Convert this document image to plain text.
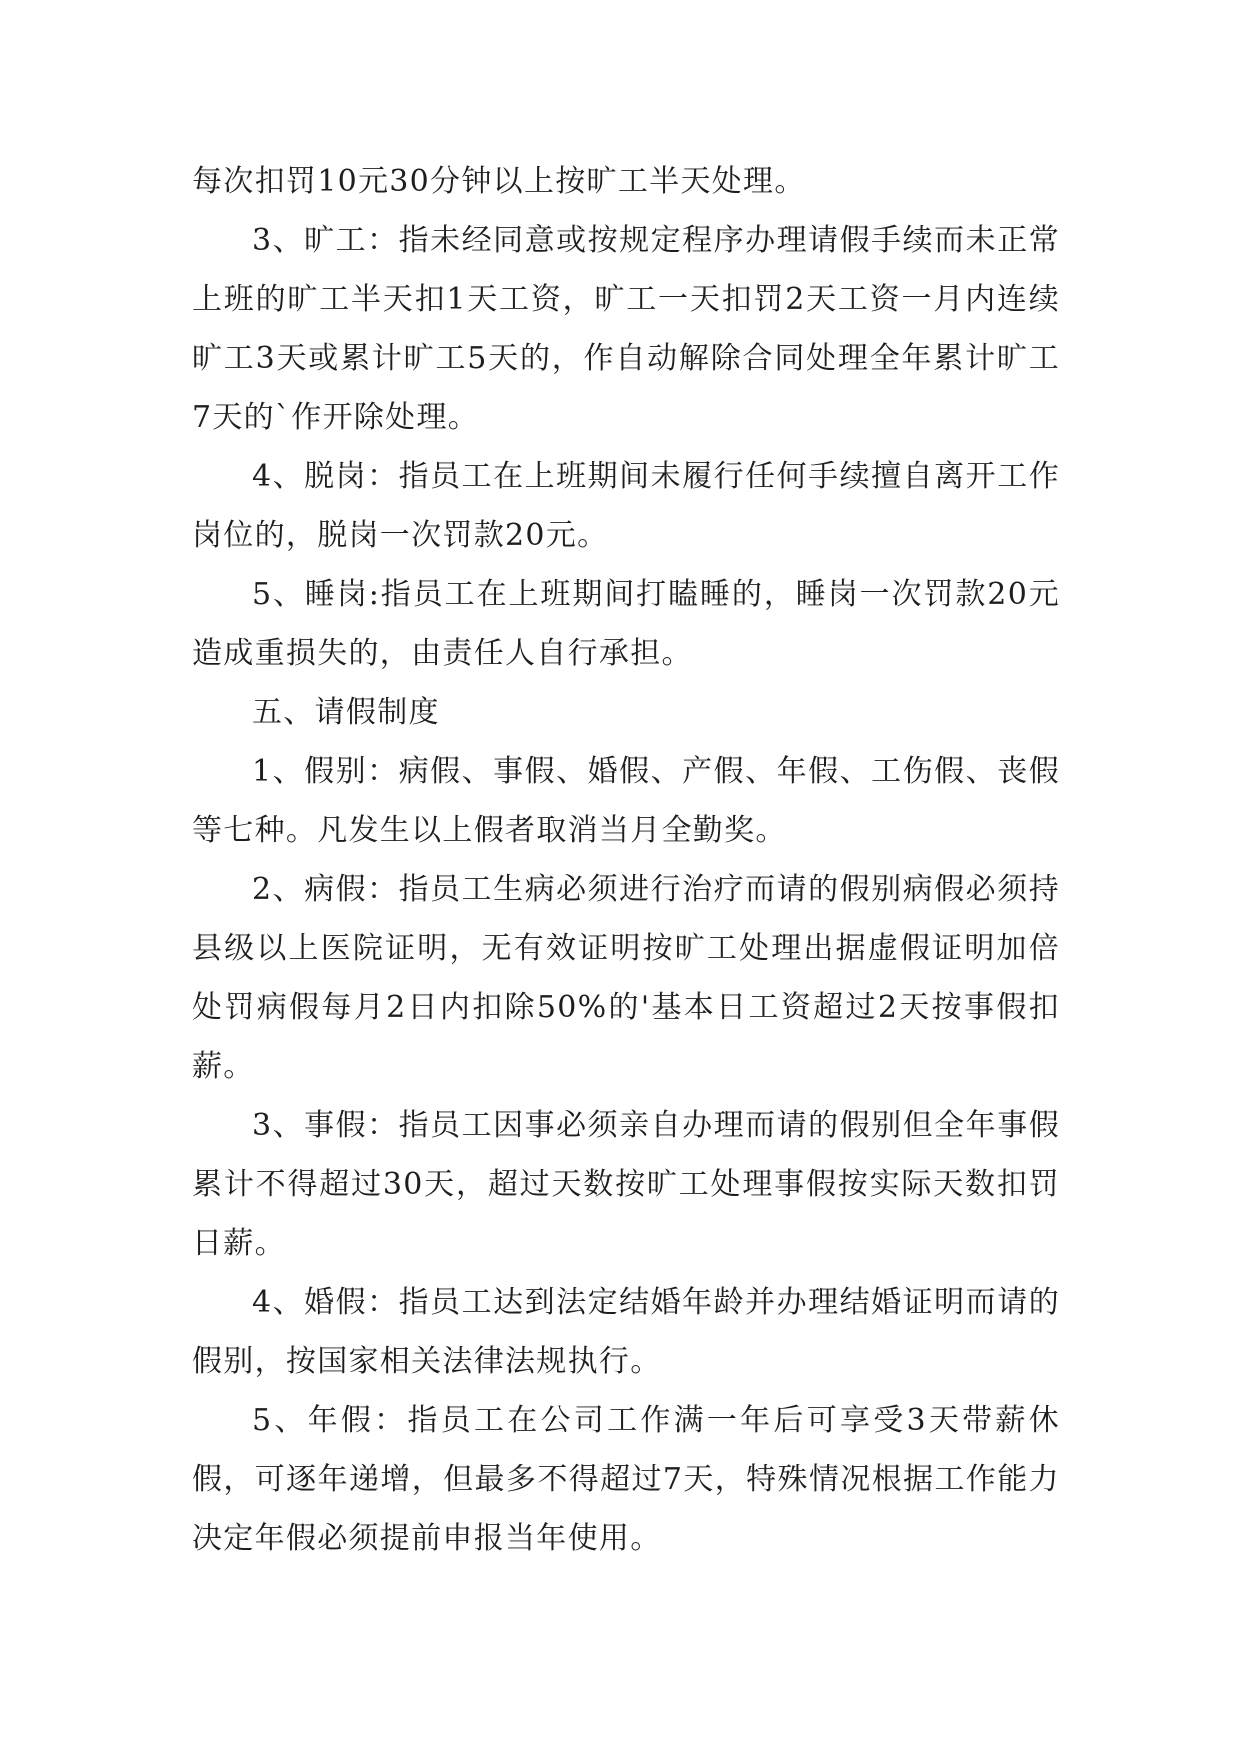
每次扣罚10元30分钟以上按旷工半天处理。

3、旷工：指未经同意或按规定程序办理请假手续而未正常上班的旷工半天扣1天工资，旷工一天扣罚2天工资一月内连续旷工3天或累计旷工5天的，作自动解除合同处理全年累计旷工7天的`作开除处理。

4、脱岗：指员工在上班期间未履行任何手续擅自离开工作岗位的，脱岗一次罚款20元。

5、睡岗:指员工在上班期间打瞌睡的，睡岗一次罚款20元造成重损失的，由责任人自行承担。

五、请假制度

1、假别：病假、事假、婚假、产假、年假、工伤假、丧假等七种。凡发生以上假者取消当月全勤奖。

2、病假：指员工生病必须进行治疗而请的假别病假必须持县级以上医院证明，无有效证明按旷工处理出据虚假证明加倍处罚病假每月2日内扣除50%的'基本日工资超过2天按事假扣薪。

3、事假：指员工因事必须亲自办理而请的假别但全年事假累计不得超过30天，超过天数按旷工处理事假按实际天数扣罚日薪。

4、婚假：指员工达到法定结婚年龄并办理结婚证明而请的假别，按国家相关法律法规执行。

5、年假：指员工在公司工作满一年后可享受3天带薪休假，可逐年递增，但最多不得超过7天，特殊情况根据工作能力决定年假必须提前申报当年使用。
